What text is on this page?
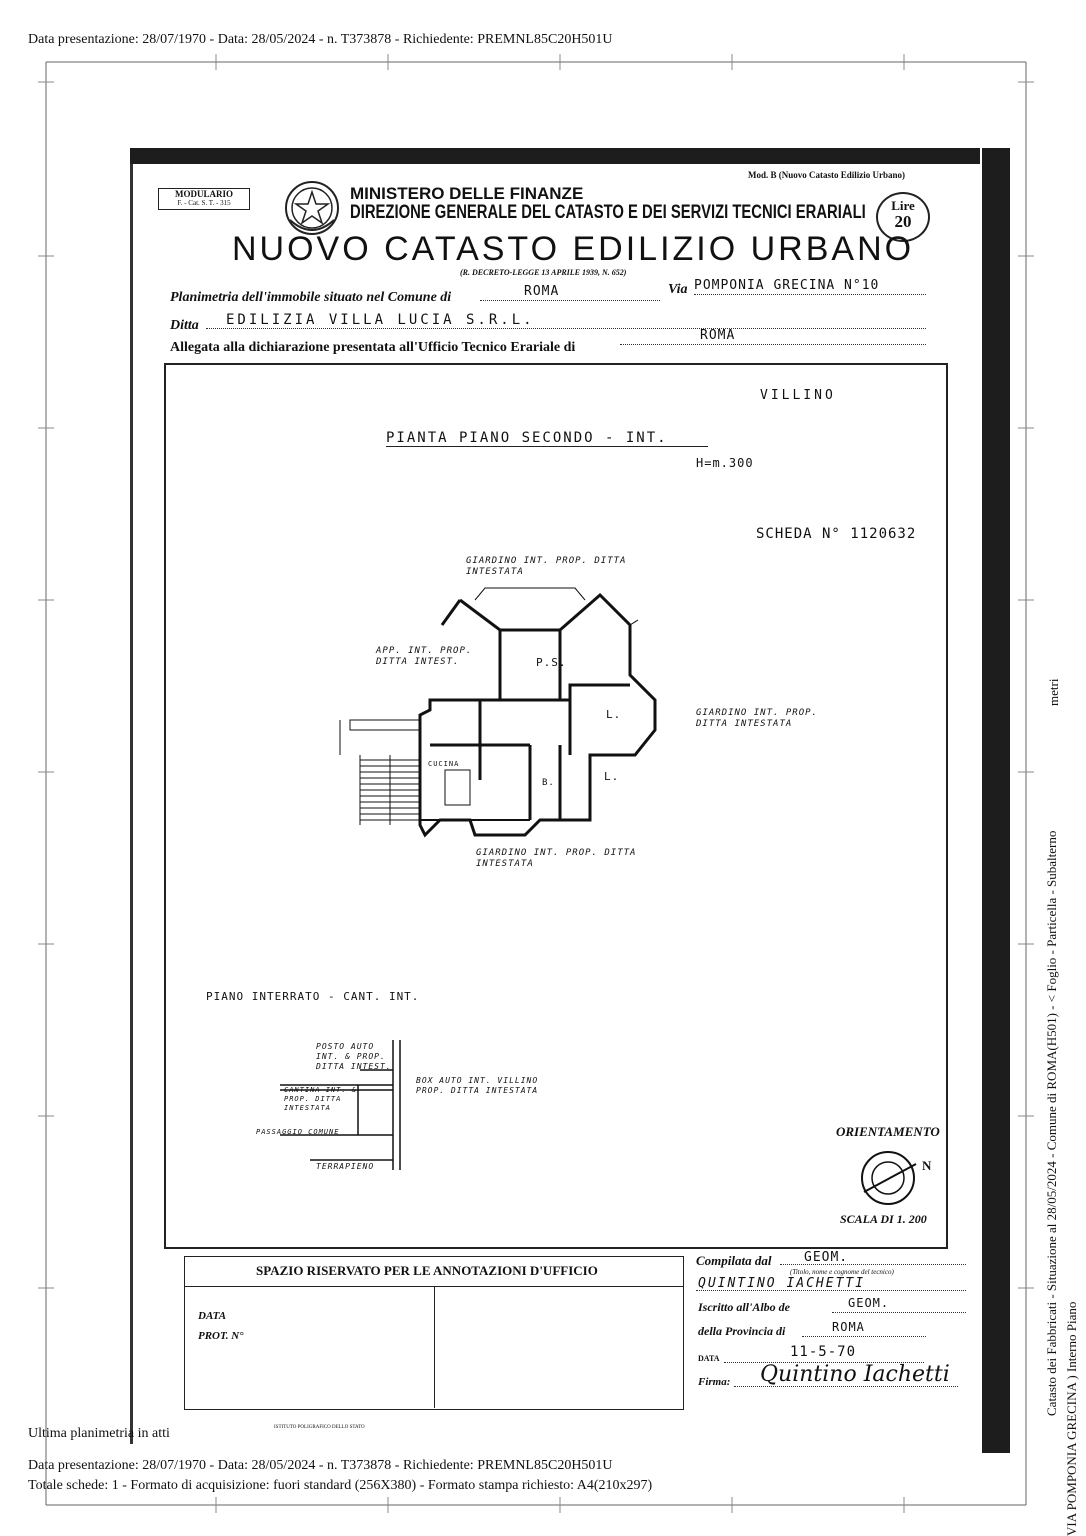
Data presentazione: 28/07/1970 - Data: 28/05/2024 - n. T373878 - Richiedente: PREMNL85C20H501U
MODULARIO
F. - Cat. S. T. - 315	MINISTERO DELLE FINANZE
DIREZIONE GENERALE DEL CATASTO E DEI SERVIZI TECNICI ERARIALI
Mod. B (Nuovo Catasto Edilizio Urbano)
Lire
20
NUOVO CATASTO EDILIZIO URBANO
(R. DECRETO-LEGGE 13 APRILE 1939, N. 652)
Planimetria dell'immobile situato nel Comune di	ROMA	Via POMPONIA GRECINA N°10
Ditta EDILIZIA VILLA LUCIA S.R.L.
Allegata alla dichiarazione presentata all'Ufficio Tecnico Erariale di
ROMA
VILLINO
PIANTA PIANO SECONDO - INT.
H=m.300
SCHEDA N° 1120632
GIARDINO INT. PROP. DITTA INTESTATA
APP. INT. PROP. DITTA INTEST.
GIARDINO INT. PROP. DITTA INTESTATA
GIARDINO INT. PROP. DITTA INTESTATA
P.S.
L.
L.
CUCINA
B.
PIANO INTERRATO - CANT. INT.
POSTO AUTO INT. & PROP. DITTA INTEST.
BOX AUTO INT. VILLINO PROP. DITTA INTESTATA
CANTINA INT. & PROP. DITTA INTESTATA
PASSAGGIO COMUNE
TERRAPIENO
ORIENTAMENTO
N
SCALA DI 1. 200
SPAZIO RISERVATO PER LE ANNOTAZIONI D'UFFICIO
DATA
PROT. N°
Compilata dal	GEOM.
(Titolo, nome e cognome del tecnico)
QUINTINO IACHETTI
Iscritto all'Albo de	GEOM.
della Provincia di	ROMA
DATA	11-5-70
Firma: Quintino Iachetti
ISTITUTO POLIGRAFICO DELLO STATO
Ultima planimetria in atti
Data presentazione: 28/07/1970 - Data: 28/05/2024 - n. T373878 - Richiedente: PREMNL85C20H501U
Totale schede: 1 - Formato di acquisizione: fuori standard (256X380) - Formato stampa richiesto: A4(210x297)
Catasto dei Fabbricati - Situazione al 28/05/2024 - Comune di ROMA(H501) - < Foglio - Particella - Subalterno
VIA POMPONIA GRECINA ) Interno Piano
metri
